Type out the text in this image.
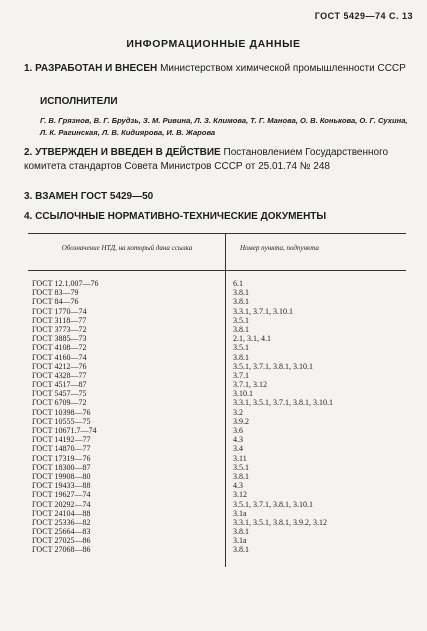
ГОСТ 5429—74 С. 13
ИНФОРМАЦИОННЫЕ ДАННЫЕ
1. РАЗРАБОТАН И ВНЕСЕН Министерством химической промышленности СССР
ИСПОЛНИТЕЛИ
Г. В. Грязнов, В. Г. Брудзь, З. М. Ривина, Л. З. Климова, Т. Г. Манова, О. В. Конькова, О. Г. Сухина, Л. К. Рагинская, Л. В. Кидиярова, И. В. Жарова
2. УТВЕРЖДЕН И ВВЕДЕН В ДЕЙСТВИЕ Постановлением Государственного комитета стандартов Совета Министров СССР от 25.01.74 № 248
3. ВЗАМЕН ГОСТ 5429—50
4. ССЫЛОЧНЫЕ НОРМАТИВНО-ТЕХНИЧЕСКИЕ ДОКУМЕНТЫ
Обозначение НТД, на который дана ссылка	Номер пункта, подпункта
ГОСТ 12.1.007—76	6.1
ГОСТ 83—79	3.8.1
ГОСТ 84—76	3.8.1
ГОСТ 1770—74	3.3.1, 3.7.1, 3.10.1
ГОСТ 3118—77	3.5.1
ГОСТ 3773—72	3.8.1
ГОСТ 3885—73	2.1, 3.1, 4.1
ГОСТ 4108—72	3.5.1
ГОСТ 4160—74	3.8.1
ГОСТ 4212—76	3.5.1, 3.7.1, 3.8.1, 3.10.1
ГОСТ 4328—77	3.7.1
ГОСТ 4517—87	3.7.1, 3.12
ГОСТ 5457—75	3.10.1
ГОСТ 6709—72	3.3.1, 3.5.1, 3.7.1, 3.8.1, 3.10.1
ГОСТ 10398—76	3.2
ГОСТ 10555—75	3.9.2
ГОСТ 10671.7—74	3.6
ГОСТ 14192—77	4.3
ГОСТ 14870—77	3.4
ГОСТ 17319—76	3.11
ГОСТ 18300—87	3.5.1
ГОСТ 19908—80	3.8.1
ГОСТ 19433—88	4.3
ГОСТ 19627—74	3.12
ГОСТ 20292—74	3.5.1, 3.7.1, 3.8.1, 3.10.1
ГОСТ 24104—88	3.1а
ГОСТ 25336—82	3.3.1, 3.5.1, 3.8.1, 3.9.2, 3.12
ГОСТ 25664—83	3.8.1
ГОСТ 27025—86	3.1а
ГОСТ 27068—86	3.8.1
